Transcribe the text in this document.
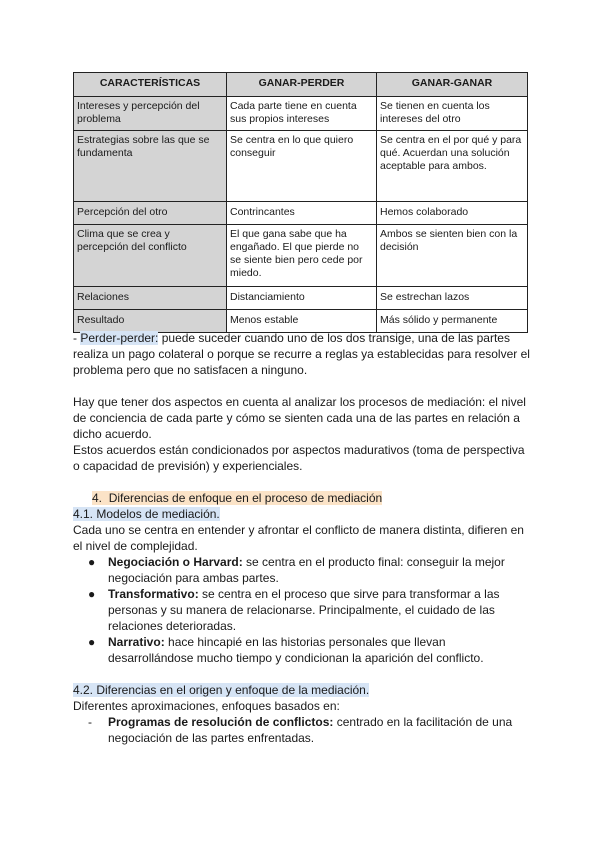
CARACTERÍSTICAS	GANAR-PERDER	GANAR-GANAR
Intereses y percepción del problema	Cada parte tiene en cuenta sus propios intereses	Se tienen en cuenta los intereses del otro
Estrategias sobre las que se fundamenta	Se centra en lo que quiero conseguir	Se centra en el por qué y para qué. Acuerdan una solución aceptable para ambos.
Percepción del otro	Contrincantes	Hemos colaborado
Clima que se crea y percepción del conflicto	El que gana sabe que ha engañado. El que pierde no se siente bien pero cede por miedo.	Ambos se sienten bien con la decisión
Relaciones	Distanciamiento	Se estrechan lazos
Resultado	Menos estable	Más sólido y permanente

- Perder-perder: puede suceder cuando uno de los dos transige, una de las partes realiza un pago colateral o porque se recurre a reglas ya establecidas para resolver el problema pero que no satisfacen a ninguno.

Hay que tener dos aspectos en cuenta al analizar los procesos de mediación: el nivel de conciencia de cada parte y cómo se sienten cada una de las partes en relación a dicho acuerdo.

Estos acuerdos están condicionados por aspectos madurativos (toma de perspectiva o capacidad de previsión) y experienciales.

4. Diferencias de enfoque en el proceso de mediación

4.1. Modelos de mediación.

Cada uno se centra en entender y afrontar el conflicto de manera distinta, difieren en el nivel de complejidad.

● Negociación o Harvard: se centra en el producto final: conseguir la mejor negociación para ambas partes.
● Transformativo: se centra en el proceso que sirve para transformar a las personas y su manera de relacionarse. Principalmente, el cuidado de las relaciones deterioradas.
● Narrativo: hace hincapié en las historias personales que llevan desarrollándose mucho tiempo y condicionan la aparición del conflicto.

4.2. Diferencias en el origen y enfoque de la mediación.

Diferentes aproximaciones, enfoques basados en:

- Programas de resolución de conflictos: centrado en la facilitación de una negociación de las partes enfrentadas.
